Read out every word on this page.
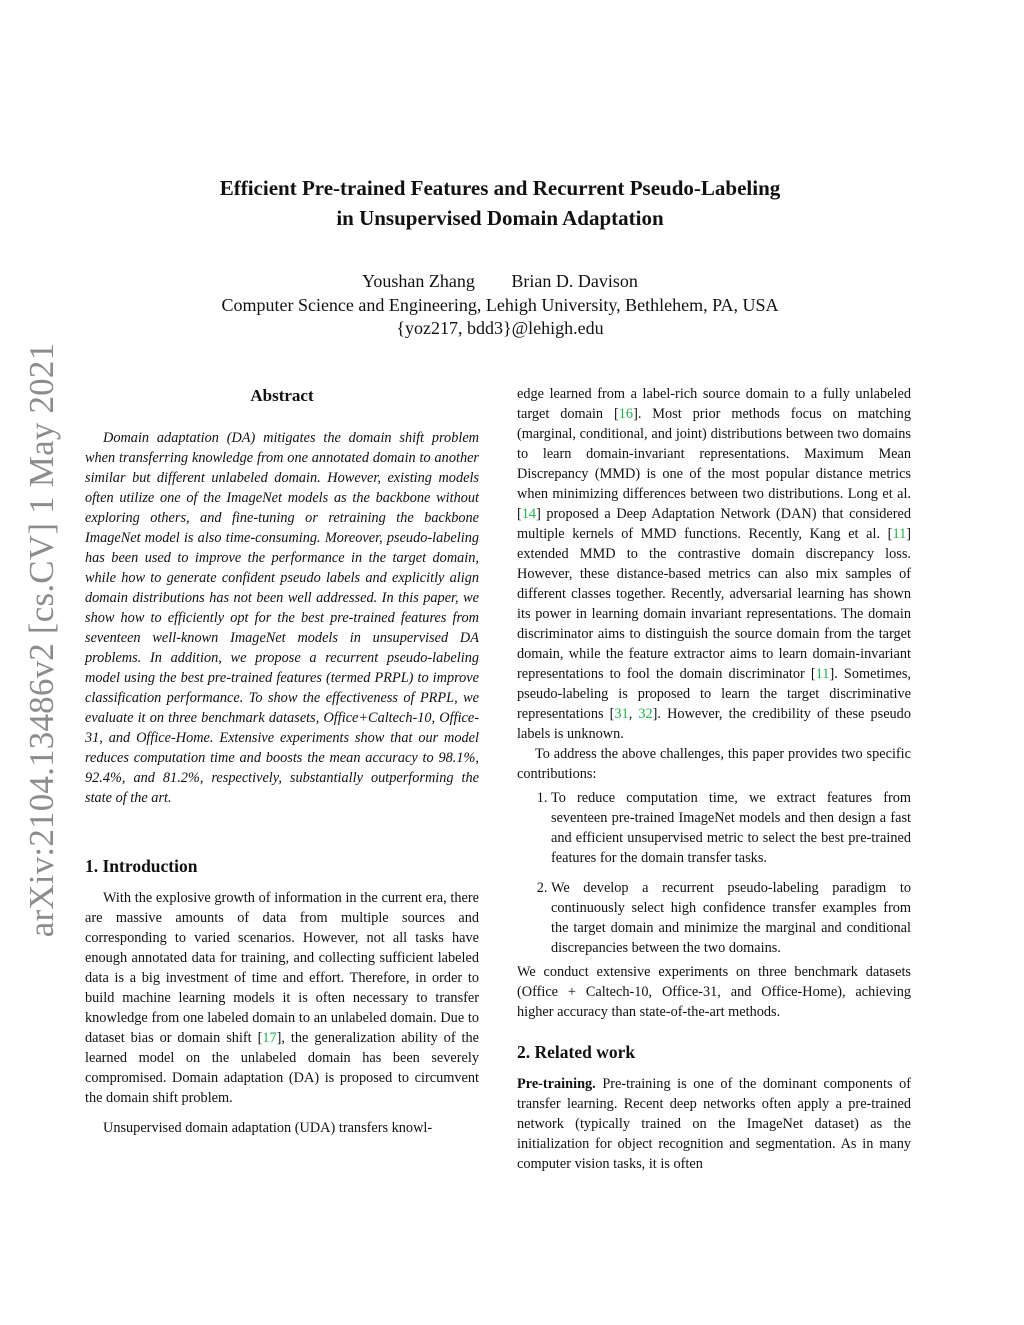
arXiv:2104.13486v2 [cs.CV] 1 May 2021
Efficient Pre-trained Features and Recurrent Pseudo-Labeling
in Unsupervised Domain Adaptation
Youshan Zhang Brian D. Davison
Computer Science and Engineering, Lehigh University, Bethlehem, PA, USA
{yoz217, bdd3}@lehigh.edu
Abstract

Domain adaptation (DA) mitigates the domain shift problem when transferring knowledge from one annotated domain to another similar but different unlabeled domain. However, existing models often utilize one of the ImageNet models as the backbone without exploring others, and fine-tuning or retraining the backbone ImageNet model is also time-consuming. Moreover, pseudo-labeling has been used to improve the performance in the target domain, while how to generate confident pseudo labels and explicitly align domain distributions has not been well addressed. In this paper, we show how to efficiently opt for the best pre-trained features from seventeen well-known ImageNet models in unsupervised DA problems. In addition, we propose a recurrent pseudo-labeling model using the best pre-trained features (termed PRPL) to improve classification performance. To show the effectiveness of PRPL, we evaluate it on three benchmark datasets, Office+Caltech-10, Office-31, and Office-Home. Extensive experiments show that our model reduces computation time and boosts the mean accuracy to 98.1%, 92.4%, and 81.2%, respectively, substantially outperforming the state of the art.

1. Introduction

With the explosive growth of information in the current era, there are massive amounts of data from multiple sources and corresponding to varied scenarios. However, not all tasks have enough annotated data for training, and collecting sufficient labeled data is a big investment of time and effort. Therefore, in order to build machine learning models it is often necessary to transfer knowledge from one labeled domain to an unlabeled domain. Due to dataset bias or domain shift [17], the generalization ability of the learned model on the unlabeled domain has been severely compromised. Domain adaptation (DA) is proposed to circumvent the domain shift problem.

Unsupervised domain adaptation (UDA) transfers knowl-

edge learned from a label-rich source domain to a fully unlabeled target domain [16]. Most prior methods focus on matching (marginal, conditional, and joint) distributions between two domains to learn domain-invariant representations. Maximum Mean Discrepancy (MMD) is one of the most popular distance metrics when minimizing differences between two distributions. Long et al. [14] proposed a Deep Adaptation Network (DAN) that considered multiple kernels of MMD functions. Recently, Kang et al. [11] extended MMD to the contrastive domain discrepancy loss. However, these distance-based metrics can also mix samples of different classes together. Recently, adversarial learning has shown its power in learning domain invariant representations. The domain discriminator aims to distinguish the source domain from the target domain, while the feature extractor aims to learn domain-invariant representations to fool the domain discriminator [11]. Sometimes, pseudo-labeling is proposed to learn the target discriminative representations [31, 32]. However, the credibility of these pseudo labels is unknown.

To address the above challenges, this paper provides two specific contributions:

1. To reduce computation time, we extract features from seventeen pre-trained ImageNet models and then design a fast and efficient unsupervised metric to select the best pre-trained features for the domain transfer tasks.
2. We develop a recurrent pseudo-labeling paradigm to continuously select high confidence transfer examples from the target domain and minimize the marginal and conditional discrepancies between the two domains.

We conduct extensive experiments on three benchmark datasets (Office + Caltech-10, Office-31, and Office-Home), achieving higher accuracy than state-of-the-art methods.

2. Related work

Pre-training. Pre-training is one of the dominant components of transfer learning. Recent deep networks often apply a pre-trained network (typically trained on the ImageNet dataset) as the initialization for object recognition and segmentation. As in many computer vision tasks, it is often
